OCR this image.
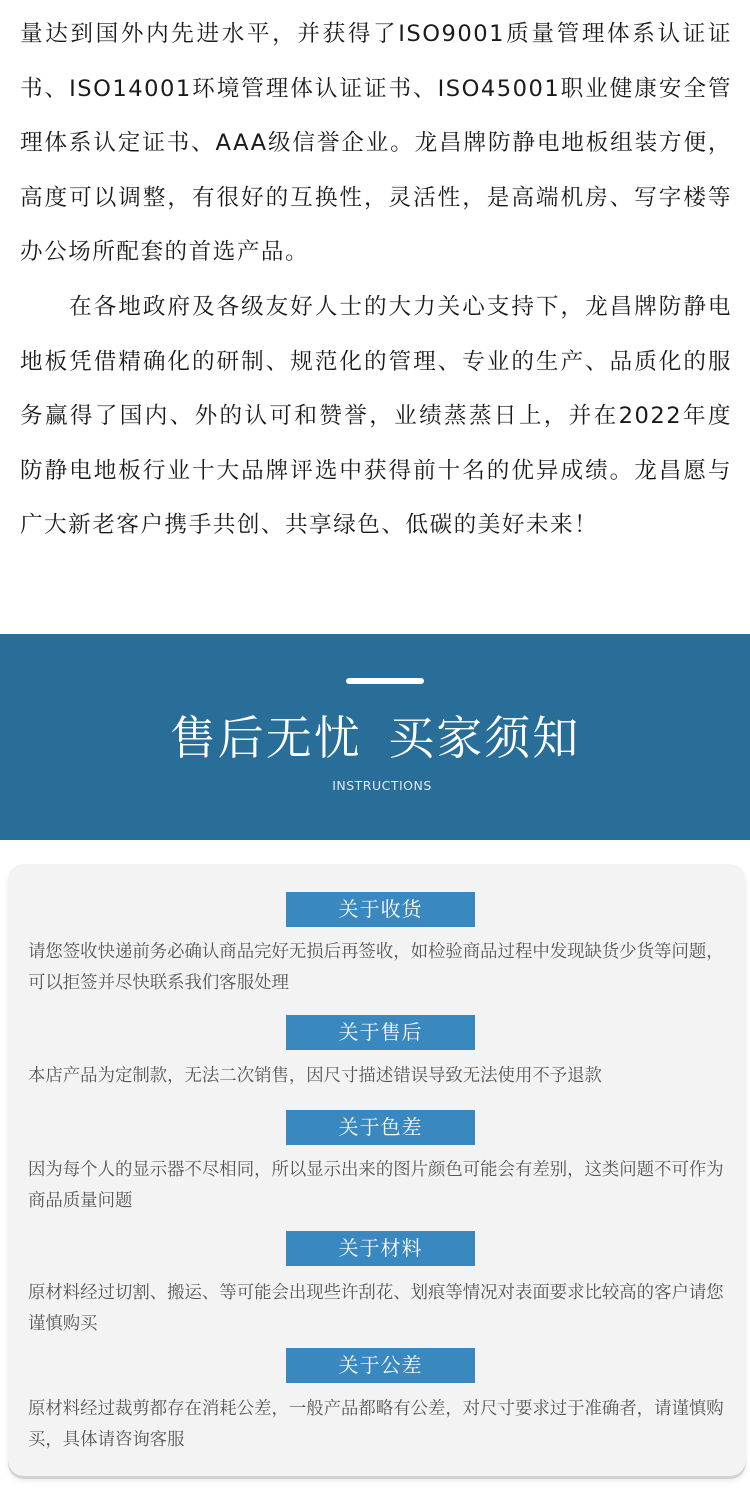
量达到国外内先进水平，并获得了ISO9001质量管理体系认证证书、ISO14001环境管理体认证证书、ISO45001职业健康安全管理体系认定证书、AAA级信誉企业。龙昌牌防静电地板组装方便，高度可以调整，有很好的互换性，灵活性，是高端机房、写字楼等办公场所配套的首选产品。

　　在各地政府及各级友好人士的大力关心支持下，龙昌牌防静电地板凭借精确化的研制、规范化的管理、专业的生产、品质化的服务赢得了国内、外的认可和赞誉，业绩蒸蒸日上，并在2022年度防静电地板行业十大品牌评选中获得前十名的优异成绩。龙昌愿与广大新老客户携手共创、共享绿色、低碳的美好未来！

售后无忧 买家须知
INSTRUCTIONS
关于收货

请您签收快递前务必确认商品完好无损后再签收，如检验商品过程中发现缺货少货等问题，可以拒签并尽快联系我们客服处理

关于售后

本店产品为定制款，无法二次销售，因尺寸描述错误导致无法使用不予退款

关于色差

因为每个人的显示器不尽相同，所以显示出来的图片颜色可能会有差别，这类问题不可作为商品质量问题

关于材料

原材料经过切割、搬运、等可能会出现些许刮花、划痕等情况对表面要求比较高的客户请您谨慎购买

关于公差

原材料经过裁剪都存在消耗公差，一般产品都略有公差，对尺寸要求过于准确者，请谨慎购买，具体请咨询客服
